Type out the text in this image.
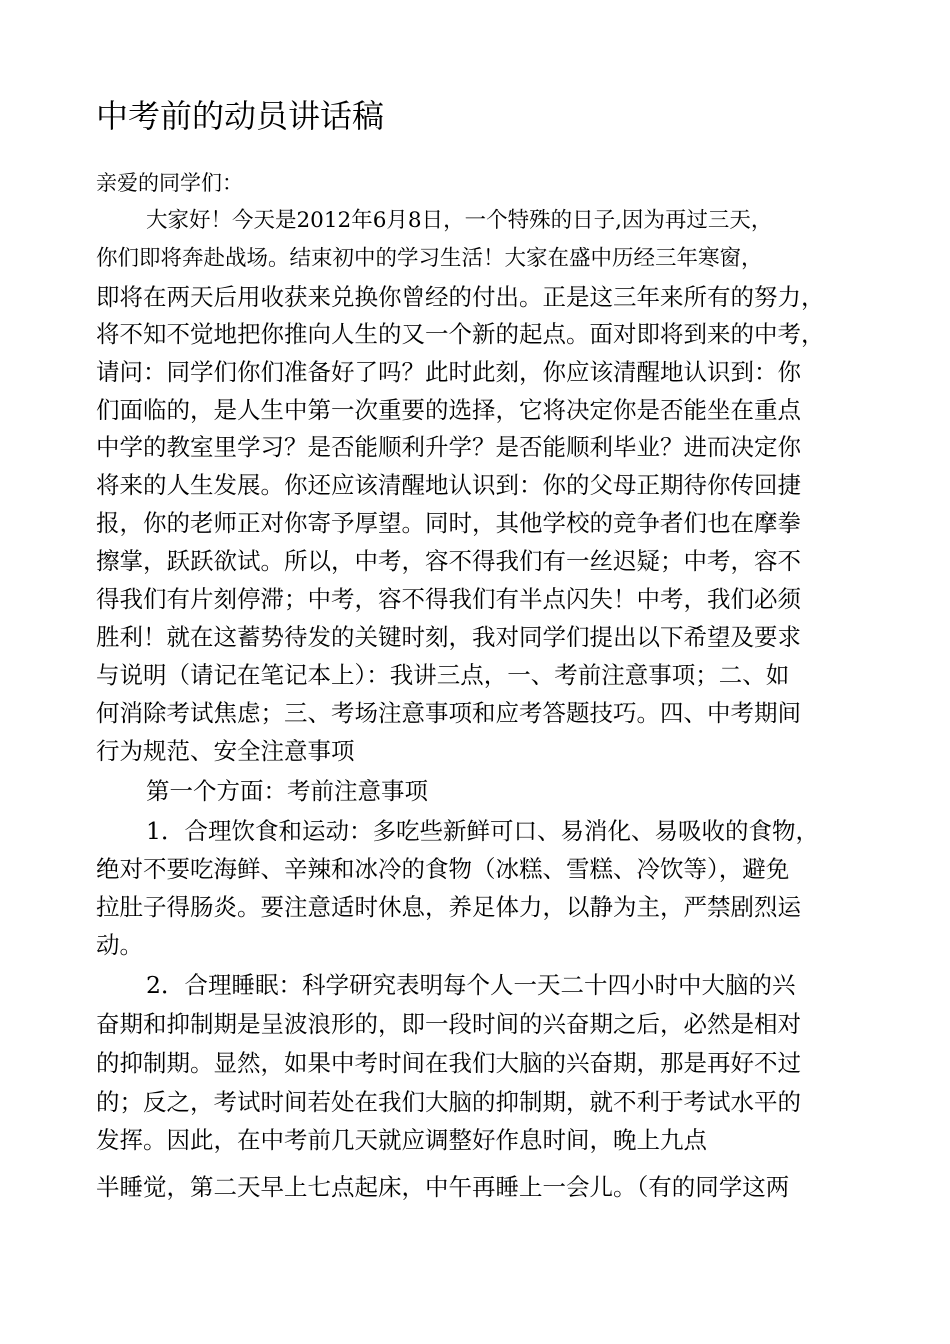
中考前的动员讲话稿
亲爱的同学们：
大家好！今天是2012年6月8日，一个特殊的日子,因为再过三天，
你们即将奔赴战场。结束初中的学习生活！大家在盛中历经三年寒窗，
即将在两天后用收获来兑换你曾经的付出。正是这三年来所有的努力，
将不知不觉地把你推向人生的又一个新的起点。面对即将到来的中考，
请问：同学们你们准备好了吗？此时此刻，你应该清醒地认识到：你
们面临的，是人生中第一次重要的选择，它将决定你是否能坐在重点
中学的教室里学习？是否能顺利升学？是否能顺利毕业？进而决定你
将来的人生发展。你还应该清醒地认识到：你的父母正期待你传回捷
报，你的老师正对你寄予厚望。同时，其他学校的竞争者们也在摩拳
擦掌，跃跃欲试。所以，中考，容不得我们有一丝迟疑；中考，容不
得我们有片刻停滞；中考，容不得我们有半点闪失！中考，我们必须
胜利！就在这蓄势待发的关键时刻，我对同学们提出以下希望及要求
与说明（请记在笔记本上）：我讲三点，一、考前注意事项；二、如
何消除考试焦虑；三、考场注意事项和应考答题技巧。四、中考期间
行为规范、安全注意事项
第一个方面：考前注意事项
1．合理饮食和运动：多吃些新鲜可口、易消化、易吸收的食物，
绝对不要吃海鲜、辛辣和冰冷的食物（冰糕、雪糕、冷饮等），避免
拉肚子得肠炎。要注意适时休息，养足体力，以静为主，严禁剧烈运
动。
2．合理睡眠：科学研究表明每个人一天二十四小时中大脑的兴
奋期和抑制期是呈波浪形的，即一段时间的兴奋期之后，必然是相对
的抑制期。显然，如果中考时间在我们大脑的兴奋期，那是再好不过
的；反之，考试时间若处在我们大脑的抑制期，就不利于考试水平的
发挥。因此，在中考前几天就应调整好作息时间，晚上九点
半睡觉，第二天早上七点起床，中午再睡上一会儿。（有的同学这两
